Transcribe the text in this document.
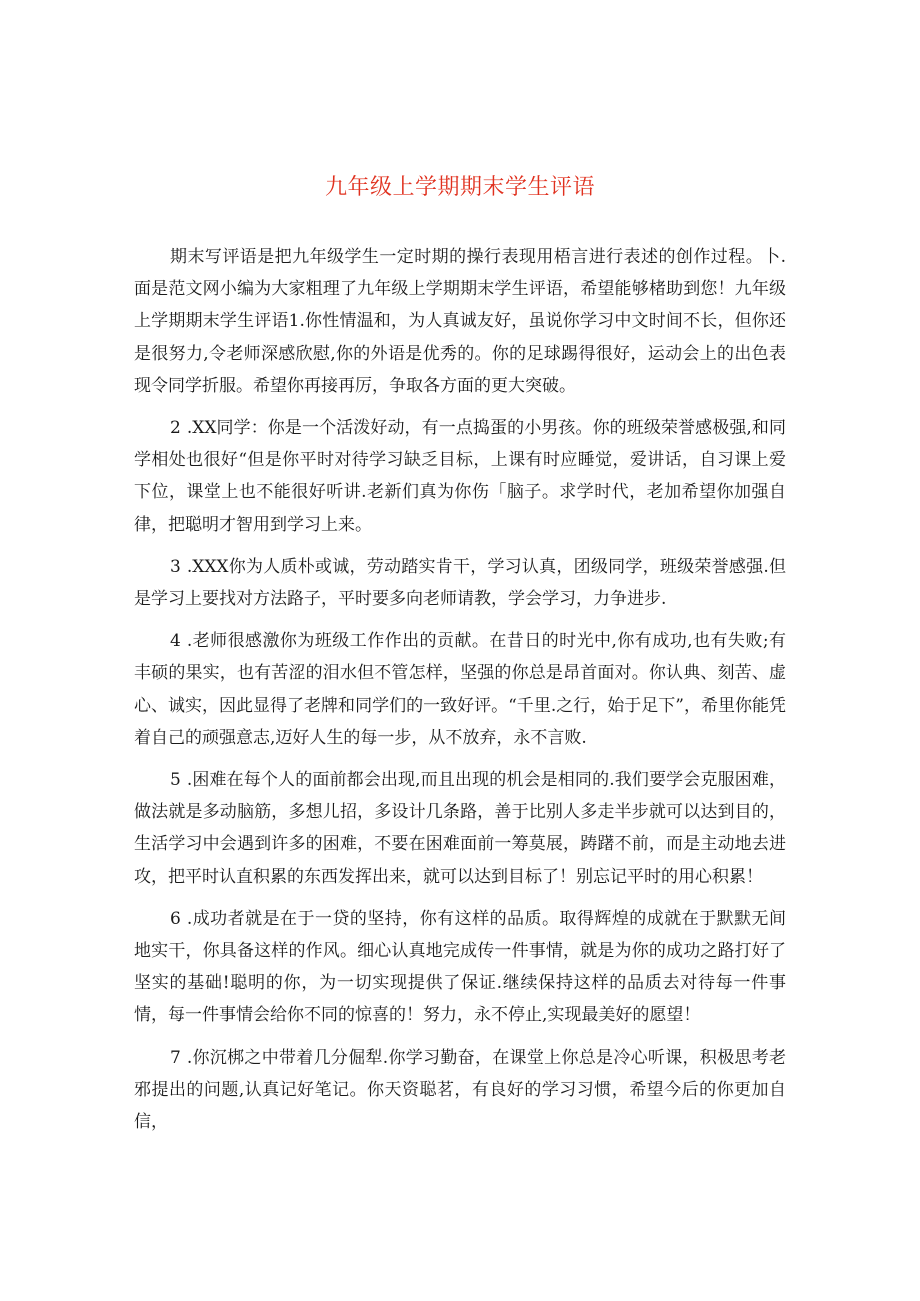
九年级上学期期末学生评语

期末写评语是把九年级学生一定时期的操行表现用梧言进行表述的创作过程。卜.面是范文网小编为大家粗理了九年级上学期期末学生评语，希望能够楮助到您！九年级上学期期末学生评语1.你性情温和，为人真诚友好，虽说你学习中文时间不长，但你还是很努力,令老师深感欣慰,你的外语是优秀的。你的足球踢得很好，运动会上的出色表现令同学折服。希望你再接再厉，争取各方面的更大突破。

2 .XX同学：你是一个活泼好动，有一点捣蛋的小男孩。你的班级荣誉感极强,和同学相处也很好“但是你平时对待学习缺乏目标，上课有时应睡觉，爱讲话，自习课上爱下位，课堂上也不能很好听讲.老新们真为你伤「脑子。求学时代，老加希望你加强自律，把聪明才智用到学习上来。

3 .XXX你为人质朴或诚，劳动踏实肯干，学习认真，团级同学，班级荣誉感强.但是学习上要找对方法路子，平时要多向老师请教，学会学习，力争进步.

4 .老师很感激你为班级工作作出的贡献。在昔日的时光中,你有成功,也有失败;有丰硕的果实，也有苦涩的泪水但不管怎样，坚强的你总是昂首面对。你认典、刻苦、虚心、诚实，因此显得了老牌和同学们的一致好评。“千里.之行，始于足下”，希里你能凭着自己的顽强意志,迈好人生的每一步，从不放弃，永不言败.

5 .困难在每个人的面前都会出现,而且出现的机会是相同的.我们要学会克服困难，做法就是多动脑筋，多想儿招，多设计几条路，善于比别人多走半步就可以达到目的，生活学习中会遇到许多的困难，不要在困难面前一筹莫展，踌躇不前，而是主动地去进攻，把平时认直积累的东西发挥出来，就可以达到目标了！别忘记平时的用心积累！

6 .成功者就是在于一贷的坚持，你有这样的品质。取得辉煌的成就在于默默无间地实干，你具备这样的作风。细心认真地完成传一件事情，就是为你的成功之路打好了坚实的基础!聪明的你，为一切实现提供了保证.继续保持这样的品质去对待每一件事情，每一件事情会给你不同的惊喜的！努力，永不停止,实现最美好的愿望！

7 .你沉梆之中带着几分倔犁.你学习勤奋，在课堂上你总是冷心听课，积极思考老邪提出的问题,认真记好笔记。你天资聪茗，有良好的学习习惯，希望今后的你更加自信，
